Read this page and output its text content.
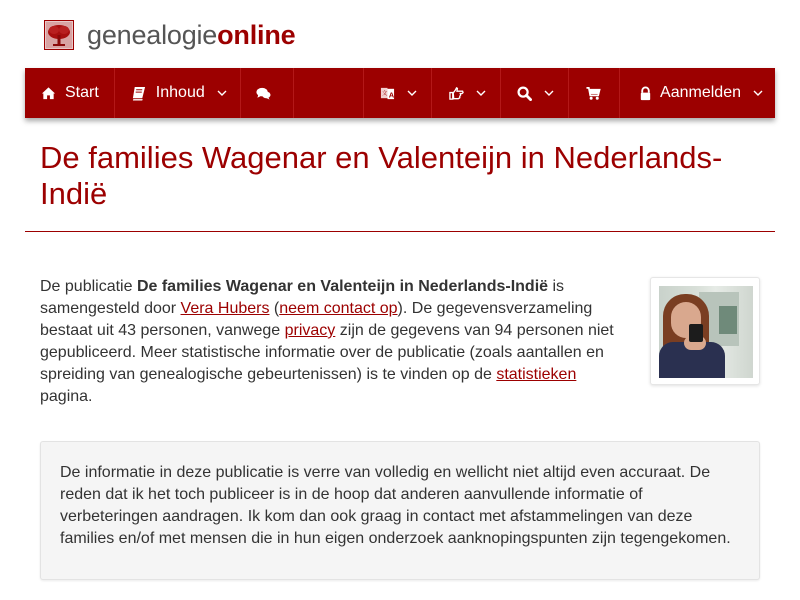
genealogieonline
Start	Inhoud	A
文	Aanmelden
De families Wagenar en Valenteijn in Nederlands-Indië

De publicatie De families Wagenar en Valenteijn in Nederlands-Indië is samengesteld door Vera Hubers (neem contact op). De gegevensverzameling bestaat uit 43 personen, vanwege privacy zijn de gegevens van 94 personen niet gepubliceerd. Meer statistische informatie over de publicatie (zoals aantallen en spreiding van genealogische gebeurtenissen) is te vinden op de statistieken pagina.

De informatie in deze publicatie is verre van volledig en wellicht niet altijd even accuraat. De reden dat ik het toch publiceer is in de hoop dat anderen aanvullende informatie of verbeteringen aandragen. Ik kom dan ook graag in contact met afstammelingen van deze families en/of met mensen die in hun eigen onderzoek aanknopingspunten zijn tegengekomen.
